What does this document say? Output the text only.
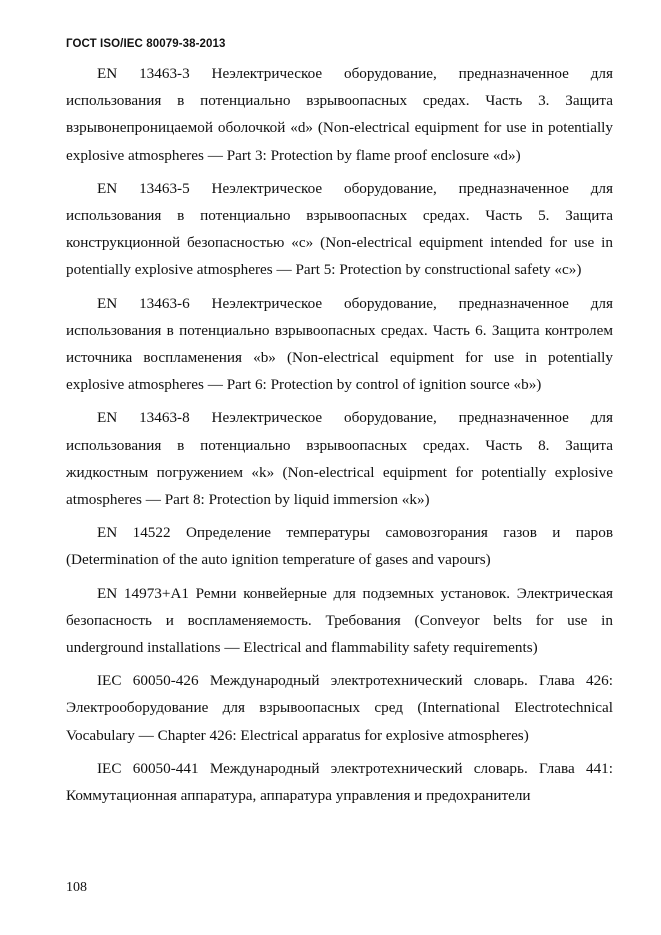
ГОСТ ISO/IEC 80079-38-2013

EN 13463-3 Неэлектрическое оборудование, предназначенное для использования в потенциально взрывоопасных средах. Часть 3. Защита взрывонепроницаемой оболочкой «d» (Non-electrical equipment for use in potentially explosive atmospheres — Part 3: Protection by flame proof enclosure «d»)

EN 13463-5 Неэлектрическое оборудование, предназначенное для использования в потенциально взрывоопасных средах. Часть 5. Защита конструкционной безопасностью «c» (Non-electrical equipment intended for use in potentially explosive atmospheres — Part 5: Protection by constructional safety «c»)

EN 13463-6 Неэлектрическое оборудование, предназначенное для использования в потенциально взрывоопасных средах. Часть 6. Защита контролем источника воспламенения «b» (Non-electrical equipment for use in potentially explosive atmospheres — Part 6: Protection by control of ignition source «b»)

EN 13463-8 Неэлектрическое оборудование, предназначенное для использования в потенциально взрывоопасных средах. Часть 8. Защита жидкостным погружением «k» (Non-electrical equipment for potentially explosive atmospheres — Part 8: Protection by liquid immersion «k»)

EN 14522 Определение температуры самовозгорания газов и паров (Determination of the auto ignition temperature of gases and vapours)

EN 14973+A1 Ремни конвейерные для подземных установок. Электрическая безопасность и воспламеняемость. Требования (Conveyor belts for use in underground installations — Electrical and flammability safety requirements)

IEC 60050-426 Международный электротехнический словарь. Глава 426: Электрооборудование для взрывоопасных сред (International Electrotechnical Vocabulary — Chapter 426: Electrical apparatus for explosive atmospheres)

IEC 60050-441 Международный электротехнический словарь. Глава 441: Коммутационная аппаратура, аппаратура управления и предохранители

108
